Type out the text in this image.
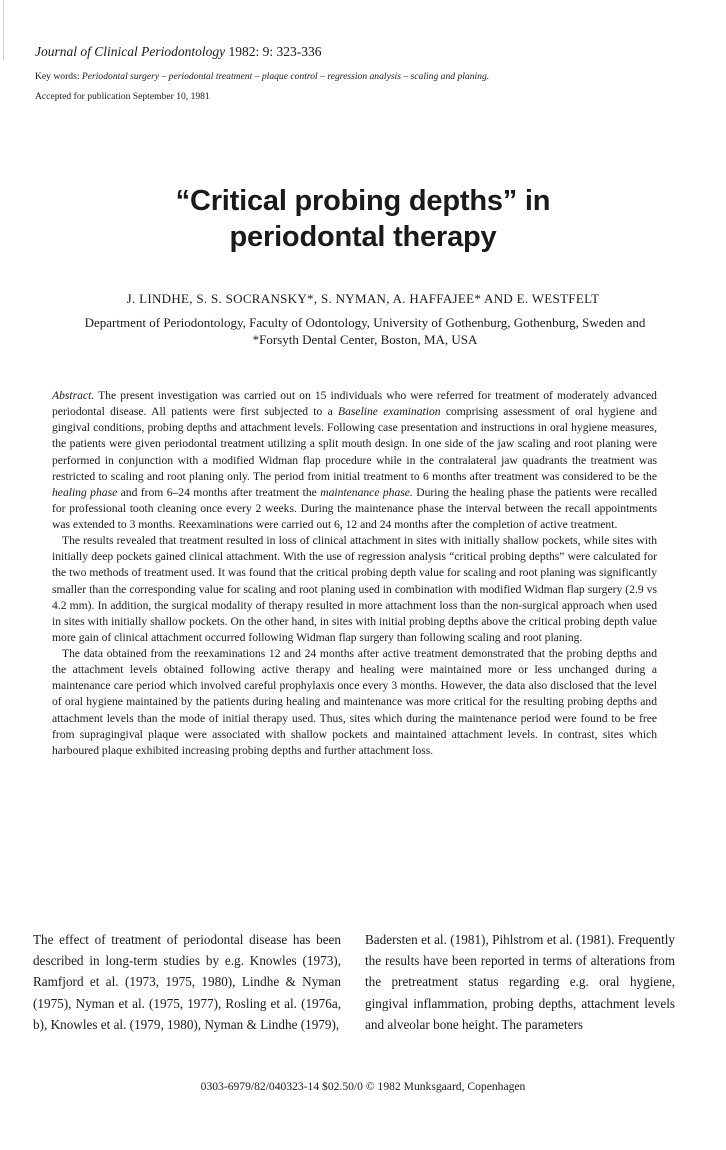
Journal of Clinical Periodontology 1982: 9: 323-336
Key words: Periodontal surgery – periodontal treatment – plaque control – regression analysis – scaling and planing.
Accepted for publication September 10, 1981
“Critical probing depths” in
periodontal therapy
J. LINDHE, S. S. SOCRANSKY*, S. NYMAN, A. HAFFAJEE* AND E. WESTFELT
Department of Periodontology, Faculty of Odontology, University of Gothenburg, Gothenburg, Sweden and
*Forsyth Dental Center, Boston, MA, USA

Abstract. The present investigation was carried out on 15 individuals who were referred for treatment of moderately advanced periodontal disease. All patients were first subjected to a Baseline examination comprising assessment of oral hygiene and gingival conditions, probing depths and attachment levels. Following case presentation and instructions in oral hygiene measures, the patients were given periodontal treatment utilizing a split mouth design. In one side of the jaw scaling and root planing were performed in conjunction with a modified Widman flap procedure while in the contralateral jaw quadrants the treatment was restricted to scaling and root planing only. The period from initial treatment to 6 months after treatment was considered to be the healing phase and from 6–24 months after treatment the maintenance phase. During the healing phase the patients were recalled for professional tooth cleaning once every 2 weeks. During the maintenance phase the interval between the recall appointments was extended to 3 months. Reexaminations were carried out 6, 12 and 24 months after the completion of active treatment.

The results revealed that treatment resulted in loss of clinical attachment in sites with initially shallow pockets, while sites with initially deep pockets gained clinical attachment. With the use of regression analysis “critical probing depths” were calculated for the two methods of treatment used. It was found that the critical probing depth value for scaling and root planing was significantly smaller than the corresponding value for scaling and root planing used in combination with modified Widman flap surgery (2.9 vs 4.2 mm). In addition, the surgical modality of therapy resulted in more attachment loss than the non-surgical approach when used in sites with initially shallow pockets. On the other hand, in sites with initial probing depths above the critical probing depth value more gain of clinical attachment occurred following Widman flap surgery than following scaling and root planing.

The data obtained from the reexaminations 12 and 24 months after active treatment demonstrated that the probing depths and the attachment levels obtained following active therapy and healing were maintained more or less unchanged during a maintenance care period which involved careful prophylaxis once every 3 months. However, the data also disclosed that the level of oral hygiene maintained by the patients during healing and maintenance was more critical for the resulting probing depths and attachment levels than the mode of initial therapy used. Thus, sites which during the maintenance period were found to be free from supragingival plaque were associated with shallow pockets and maintained attachment levels. In contrast, sites which harboured plaque exhibited increasing probing depths and further attachment loss.

The effect of treatment of periodontal disease has been described in long-term studies by e.g. Knowles (1973), Ramfjord et al. (1973, 1975, 1980), Lindhe & Nyman (1975), Nyman et al. (1975, 1977), Rosling et al. (1976a, b), Knowles et al. (1979, 1980), Nyman & Lindhe (1979),

Badersten et al. (1981), Pihlstrom et al. (1981). Frequently the results have been reported in terms of alterations from the pretreatment status regarding e.g. oral hygiene, gingival inflammation, probing depths, attachment levels and alveolar bone height. The parameters

0303-6979/82/040323-14 $02.50/0 © 1982 Munksgaard, Copenhagen
